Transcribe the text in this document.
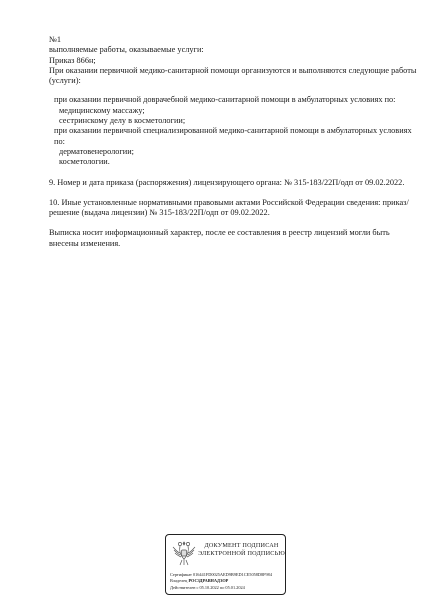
№1
выполняемые работы, оказываемые услуги:
Приказ 866н;
При оказании первичной медико-санитарной помощи организуются и выполняются следующие работы (услуги):
при оказании первичной доврачебной медико-санитарной помощи в амбулаторных условиях по:
медицинскому массажу;
сестринскому делу в косметологии;
при оказании первичной специализированной медико-санитарной помощи в амбулаторных условиях по:
дерматовенерологии;
косметологии.
9. Номер и дата приказа (распоряжения) лицензирующего органа: № 315-183/22П/одп от 09.02.2022.
10. Иные установленные нормативными правовыми актами Российской Федерации сведения: приказ/решение (выдача лицензии) № 315-183/22П/одп от 09.02.2022.
Выписка носит информационный характер, после ее составления в реестр лицензий могли быть внесены изменения.
ДОКУМЕНТ ПОДПИСАН
ЭЛЕКТРОННОЙ ПОДПИСЬЮ
Сертификат 016441FD0025AED9B9ED1CE5058D8F984
Владелец РОСЗДРАВНАДЗОР
Действителен с 05.10.2022 по 05.01.2024
